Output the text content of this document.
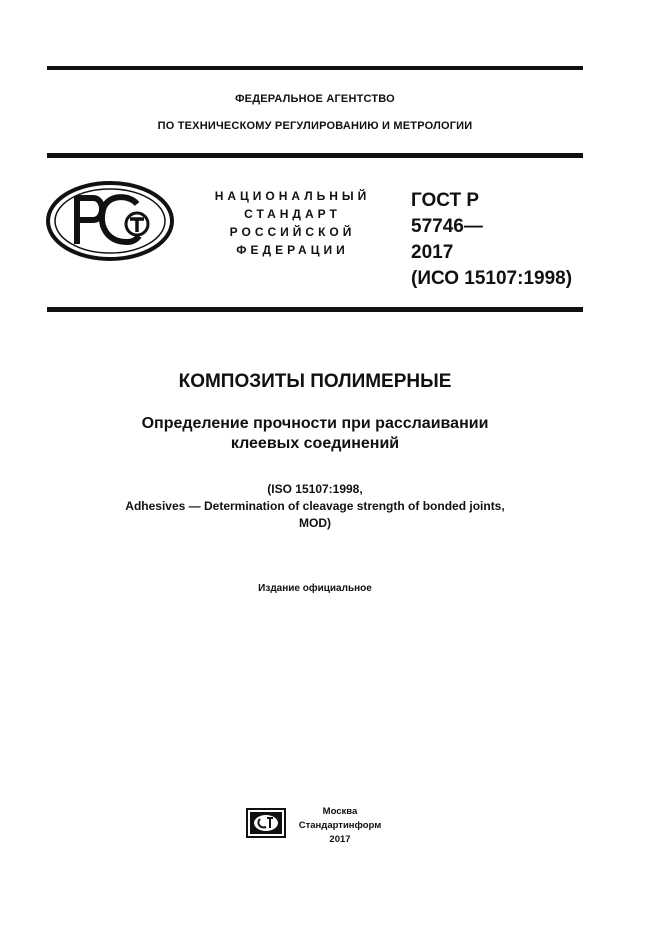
ФЕДЕРАЛЬНОЕ АГЕНТСТВО
ПО ТЕХНИЧЕСКОМУ РЕГУЛИРОВАНИЮ И МЕТРОЛОГИИ
НАЦИОНАЛЬНЫЙ
СТАНДАРТ
РОССИЙСКОЙ
ФЕДЕРАЦИИ
ГОСТ Р
57746—
2017
(ИСО 15107:1998)
КОМПОЗИТЫ ПОЛИМЕРНЫЕ
Определение прочности при расслаивании
клеевых соединений
(ISO 15107:1998,
Adhesives — Determination of cleavage strength of bonded joints,
MOD)
Издание официальное
Москва
Стандартинформ
2017
